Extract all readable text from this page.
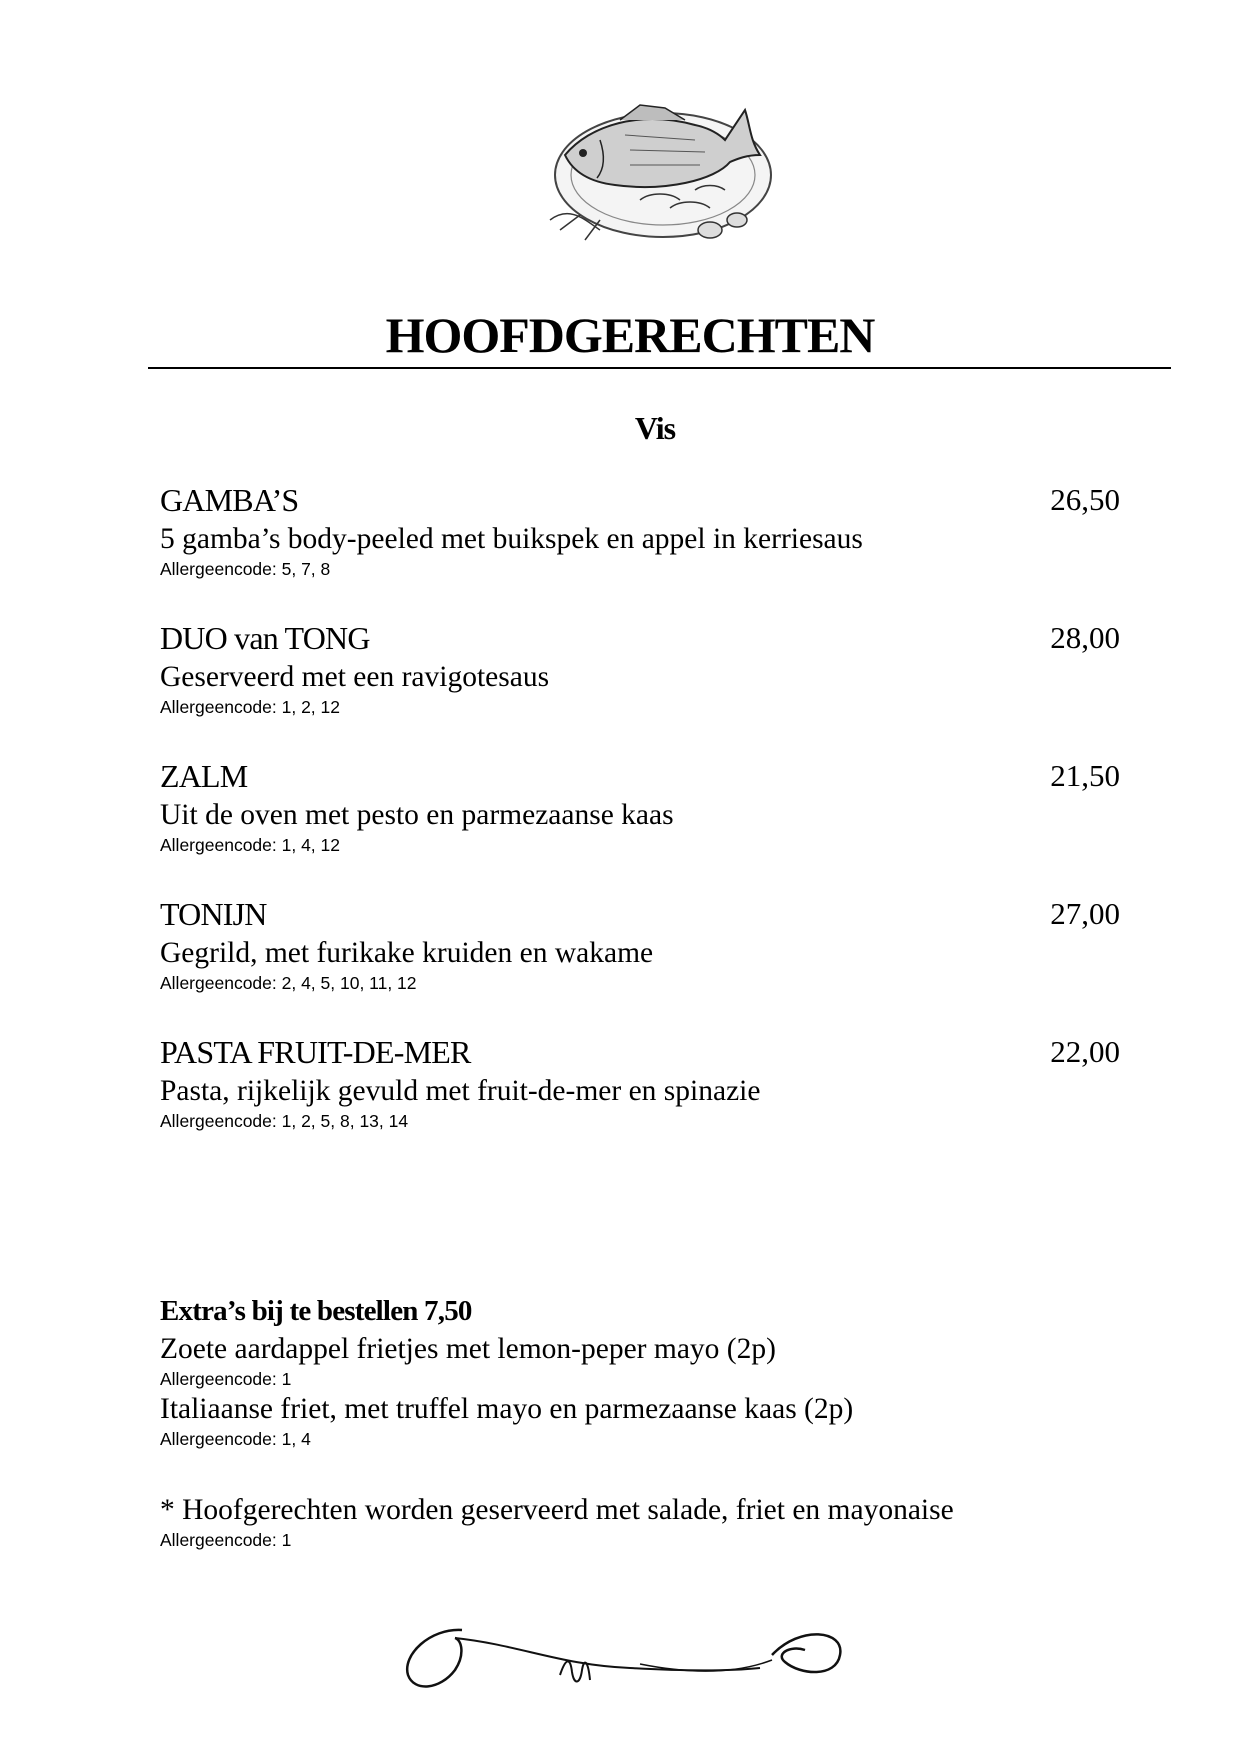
HOOFDGERECHTEN
Vis
GAMBA’S	26,50
5 gamba’s body-peeled met buikspek en appel in kerriesaus
Allergeencode: 5, 7, 8
DUO van TONG	28,00
Geserveerd met een ravigotesaus
Allergeencode: 1, 2, 12
ZALM	21,50
Uit de oven met pesto en parmezaanse kaas
Allergeencode: 1, 4, 12
TONIJN	27,00
Gegrild, met furikake kruiden en wakame
Allergeencode: 2, 4, 5, 10, 11, 12
PASTA FRUIT-DE-MER	22,00
Pasta, rijkelijk gevuld met fruit-de-mer en spinazie
Allergeencode: 1, 2, 5, 8, 13, 14
Extra’s bij te bestellen 7,50
Zoete aardappel frietjes met lemon-peper mayo (2p)
Allergeencode: 1
Italiaanse friet, met truffel mayo en parmezaanse kaas (2p)
Allergeencode: 1, 4
* Hoofgerechten worden geserveerd met salade, friet en mayonaise
Allergeencode: 1
